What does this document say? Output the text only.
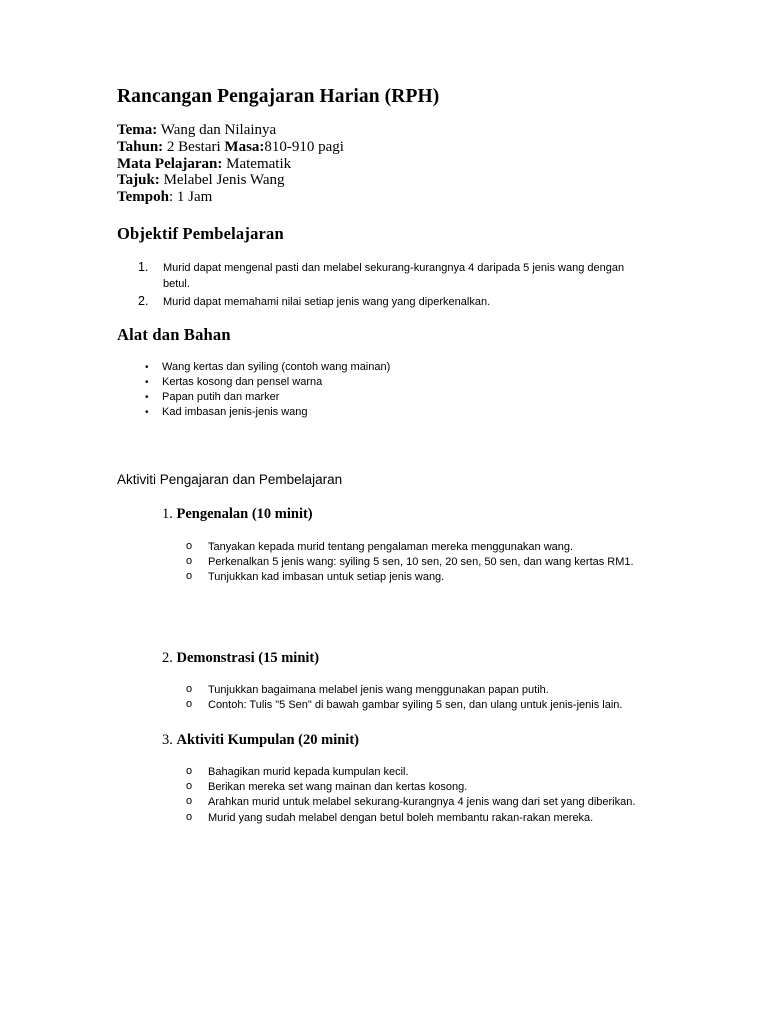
Rancangan Pengajaran Harian (RPH)
Tema: Wang dan Nilainya
Tahun: 2 Bestari Masa:810-910 pagi
Mata Pelajaran: Matematik
Tajuk: Melabel Jenis Wang
Tempoh: 1 Jam
Objektif Pembelajaran
1. Murid dapat mengenal pasti dan melabel sekurang-kurangnya 4 daripada 5 jenis wang dengan betul.
2. Murid dapat memahami nilai setiap jenis wang yang diperkenalkan.
Alat dan Bahan
• Wang kertas dan syiling (contoh wang mainan)
• Kertas kosong dan pensel warna
• Papan putih dan marker
• Kad imbasan jenis-jenis wang
Aktiviti Pengajaran dan Pembelajaran
1. Pengenalan (10 minit)
o Tanyakan kepada murid tentang pengalaman mereka menggunakan wang.
o Perkenalkan 5 jenis wang: syiling 5 sen, 10 sen, 20 sen, 50 sen, dan wang kertas RM1.
o Tunjukkan kad imbasan untuk setiap jenis wang.
2. Demonstrasi (15 minit)
o Tunjukkan bagaimana melabel jenis wang menggunakan papan putih.
o Contoh: Tulis "5 Sen" di bawah gambar syiling 5 sen, dan ulang untuk jenis-jenis lain.
3. Aktiviti Kumpulan (20 minit)
o Bahagikan murid kepada kumpulan kecil.
o Berikan mereka set wang mainan dan kertas kosong.
o Arahkan murid untuk melabel sekurang-kurangnya 4 jenis wang dari set yang diberikan.
o Murid yang sudah melabel dengan betul boleh membantu rakan-rakan mereka.
